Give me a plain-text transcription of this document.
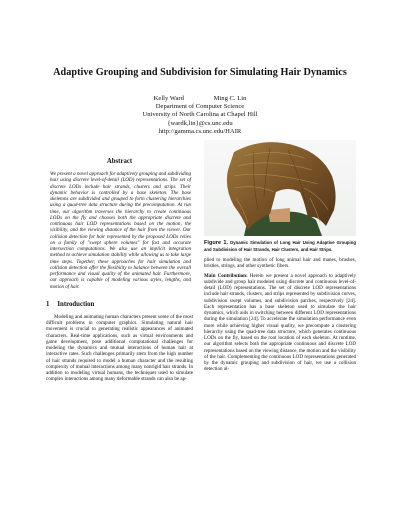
Adaptive Grouping and Subdivision for Simulating Hair Dynamics
Kelly Ward	Ming C. Lin
Department of Computer Science
University of North Carolina at Chapel Hill
{wardk,lin}@cs.unc.edu
http://gamma.cs.unc.edu/HAIR
Abstract

We present a novel approach for adaptively grouping and subdividing hair using discrete level-of-detail (LOD) representations. The set of discrete LODs include hair strands, clusters and strips. Their dynamic behavior is controlled by a base skeleton. The base skeletons are subdivided and grouped to form clustering hierarchies using a quad-tree data structure during the precomputation. At run time, our algorithm traverses the hierarchy to create continuous LODs on the fly and chooses both the appropriate discrete and continuous hair LOD representations based on the motion, the visibility, and the viewing distance of the hair from the viewer. Our collision detection for hair represented by the proposed LODs relies on a family of "swept sphere volumes" for fast and accurate intersection computations. We also use an implicit integration method to achieve simulation stability while allowing us to take large time steps. Together, these approaches for hair simulation and collision detection offer the flexibility to balance between the overall performance and visual quality of the animated hair. Furthermore, our approach is capable of modeling various styles, lengths, and motion of hair.

1 Introduction

Modeling and animating human characters present some of the most difficult problems in computer graphics. Simulating natural hair movement is crucial to generating realistic appearances of animated characters. Real-time applications, such as virtual environments and game development, pose additional computational challenges for modeling the dynamics and mutual interactions of human hair at interactive rates. Such challenges primarily stem from the high number of hair strands required to model a human character and the resulting complexity of mutual interactions among many nonrigid hair strands. In addition to modeling virtual humans, the techniques used to simulate complex interactions among many deformable strands can also be ap-

Figure 1. Dynamic Simulation of Long Hair Using Adaptive Grouping and Subdivision of Hair Strands, Hair Clusters, and Hair Strips.

plied to modeling the motion of long animal hair and manes, brushes, bristles, strings, and other synthetic fibers.

Main Contribution: Herein we present a novel approach to adaptively subdivide and group hair modeled using discrete and continuous level-of-detail (LOD) representations. The set of discrete LOD representations include hair strands, clusters, and strips represented by subdivision curves, subdivision swept volumes, and subdivision patches, respectively [24]. Each representation has a base skeleton used to simulate the hair dynamics, which aids in switching between different LOD representations during the simulation [24]. To accelerate the simulation performance even more while achieving higher visual quality, we precompute a clustering hierarchy using the quad-tree data structure, which generates continuous LODs on the fly, based on the root location of each skeleton. At runtime, our algorithm selects both the appropriate continuous and discrete LOD representations based on the viewing distance, the motion and the visibility of the hair. Complementing the continuous LOD representations generated by the dynamic grouping and subdivision of hair, we use a collision detection al-
